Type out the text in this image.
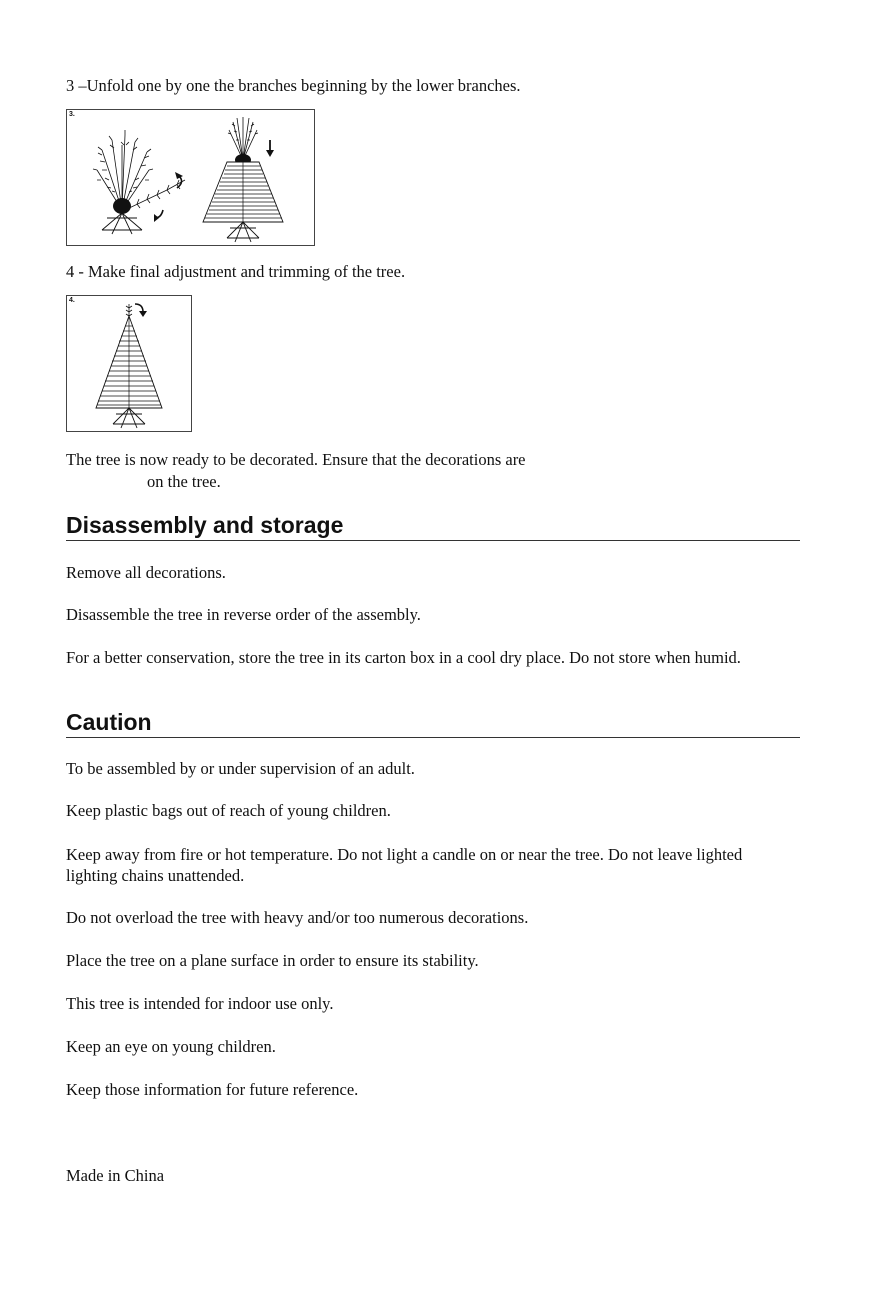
3 –Unfold one by one the branches beginning by the lower branches.
3.
4 - Make final adjustment and trimming of the tree.
4.
The tree is now ready to be decorated. Ensure that the decorations are
on the tree.
Disassembly and storage
Remove all decorations.
Disassemble the tree in reverse order of the assembly.
For a better conservation, store the tree in its carton box in a cool dry place. Do not store when humid.
Caution
To be assembled by or under supervision of an adult.
Keep plastic bags out of reach of young children.
Keep away from fire or hot temperature. Do not light a candle on or near the tree. Do not leave lighted lighting chains unattended.
Do not overload the tree with heavy and/or too numerous decorations.
Place the tree on a plane surface in order to ensure its stability.
This tree is intended for indoor use only.
Keep an eye on young children.
Keep those information for future reference.
Made in China
